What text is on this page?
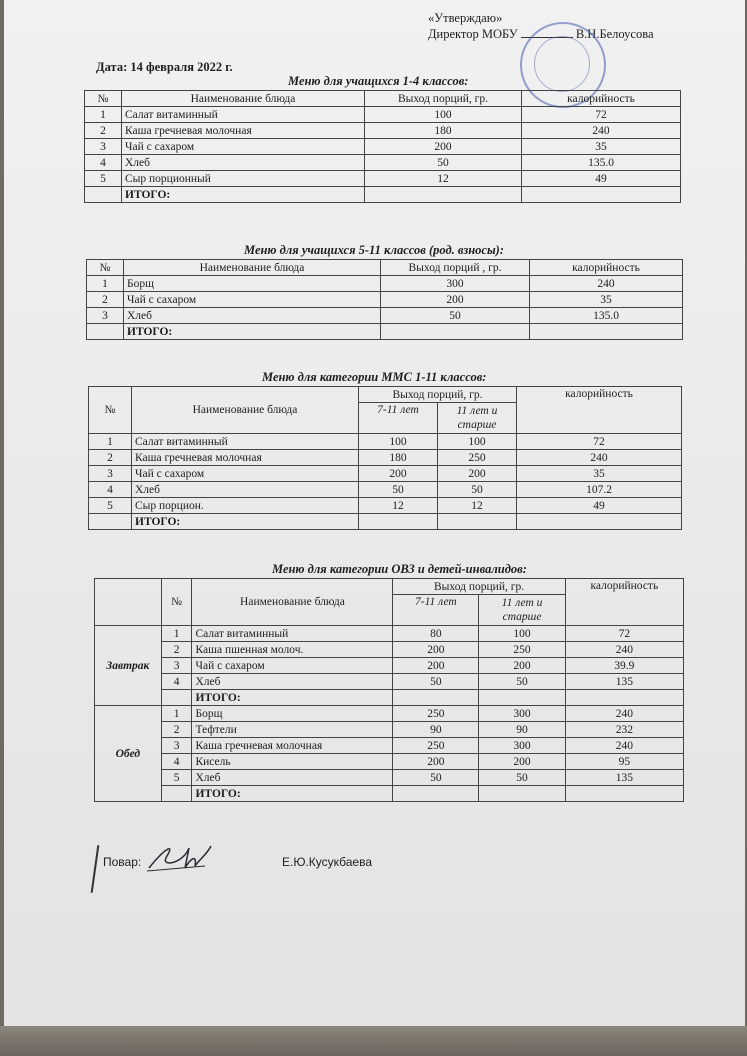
«Утверждаю»
Директор МОБУ	В.Н.Белоусова
Дата: 14 февраля 2022 г.
Меню для учащихся 1-4 классов:
№	Наименование блюда	Выход порций, гр.	калорийность
1	Салат витаминный	100	72
2	Каша гречневая молочная	180	240
3	Чай с сахаром	200	35
4	Хлеб	50	135.0
5	Сыр порционный	12	49
	ИТОГО:		
Меню для учащихся 5-11 классов (род. взносы):
№	Наименование блюда	Выход порций , гр.	калорийность
1	Борщ	300	240
2	Чай с сахаром	200	35
3	Хлеб	50	135.0
	ИТОГО:		
Меню для категории ММС 1-11 классов:
№	Наименование блюда	Выход порций, гр.		калорийность
		7-11 лет	11 лет и старше	
1	Салат витаминный	100	100	72
2	Каша гречневая молочная	180	250	240
3	Чай с сахаром	200	200	35
4	Хлеб	50	50	107.2
5	Сыр порцион.	12	12	49
	ИТОГО:			
Меню для категории ОВЗ и детей-инвалидов:
	№	Наименование блюда	Выход порций, гр.		калорийность
			7-11 лет	11 лет и старше	
Завтрак	1	Салат витаминный	80	100	72
	2	Каша пшенная молоч.	200	250	240
	3	Чай с сахаром	200	200	39.9
	4	Хлеб	50	50	135
		ИТОГО:			
Обед	1	Борщ	250	300	240
	2	Тефтели	90	90	232
	3	Каша гречневая молочная	250	300	240
	4	Кисель	200	200	95
	5	Хлеб	50	50	135
		ИТОГО:			
Повар:	Е.Ю.Кусукбаева
